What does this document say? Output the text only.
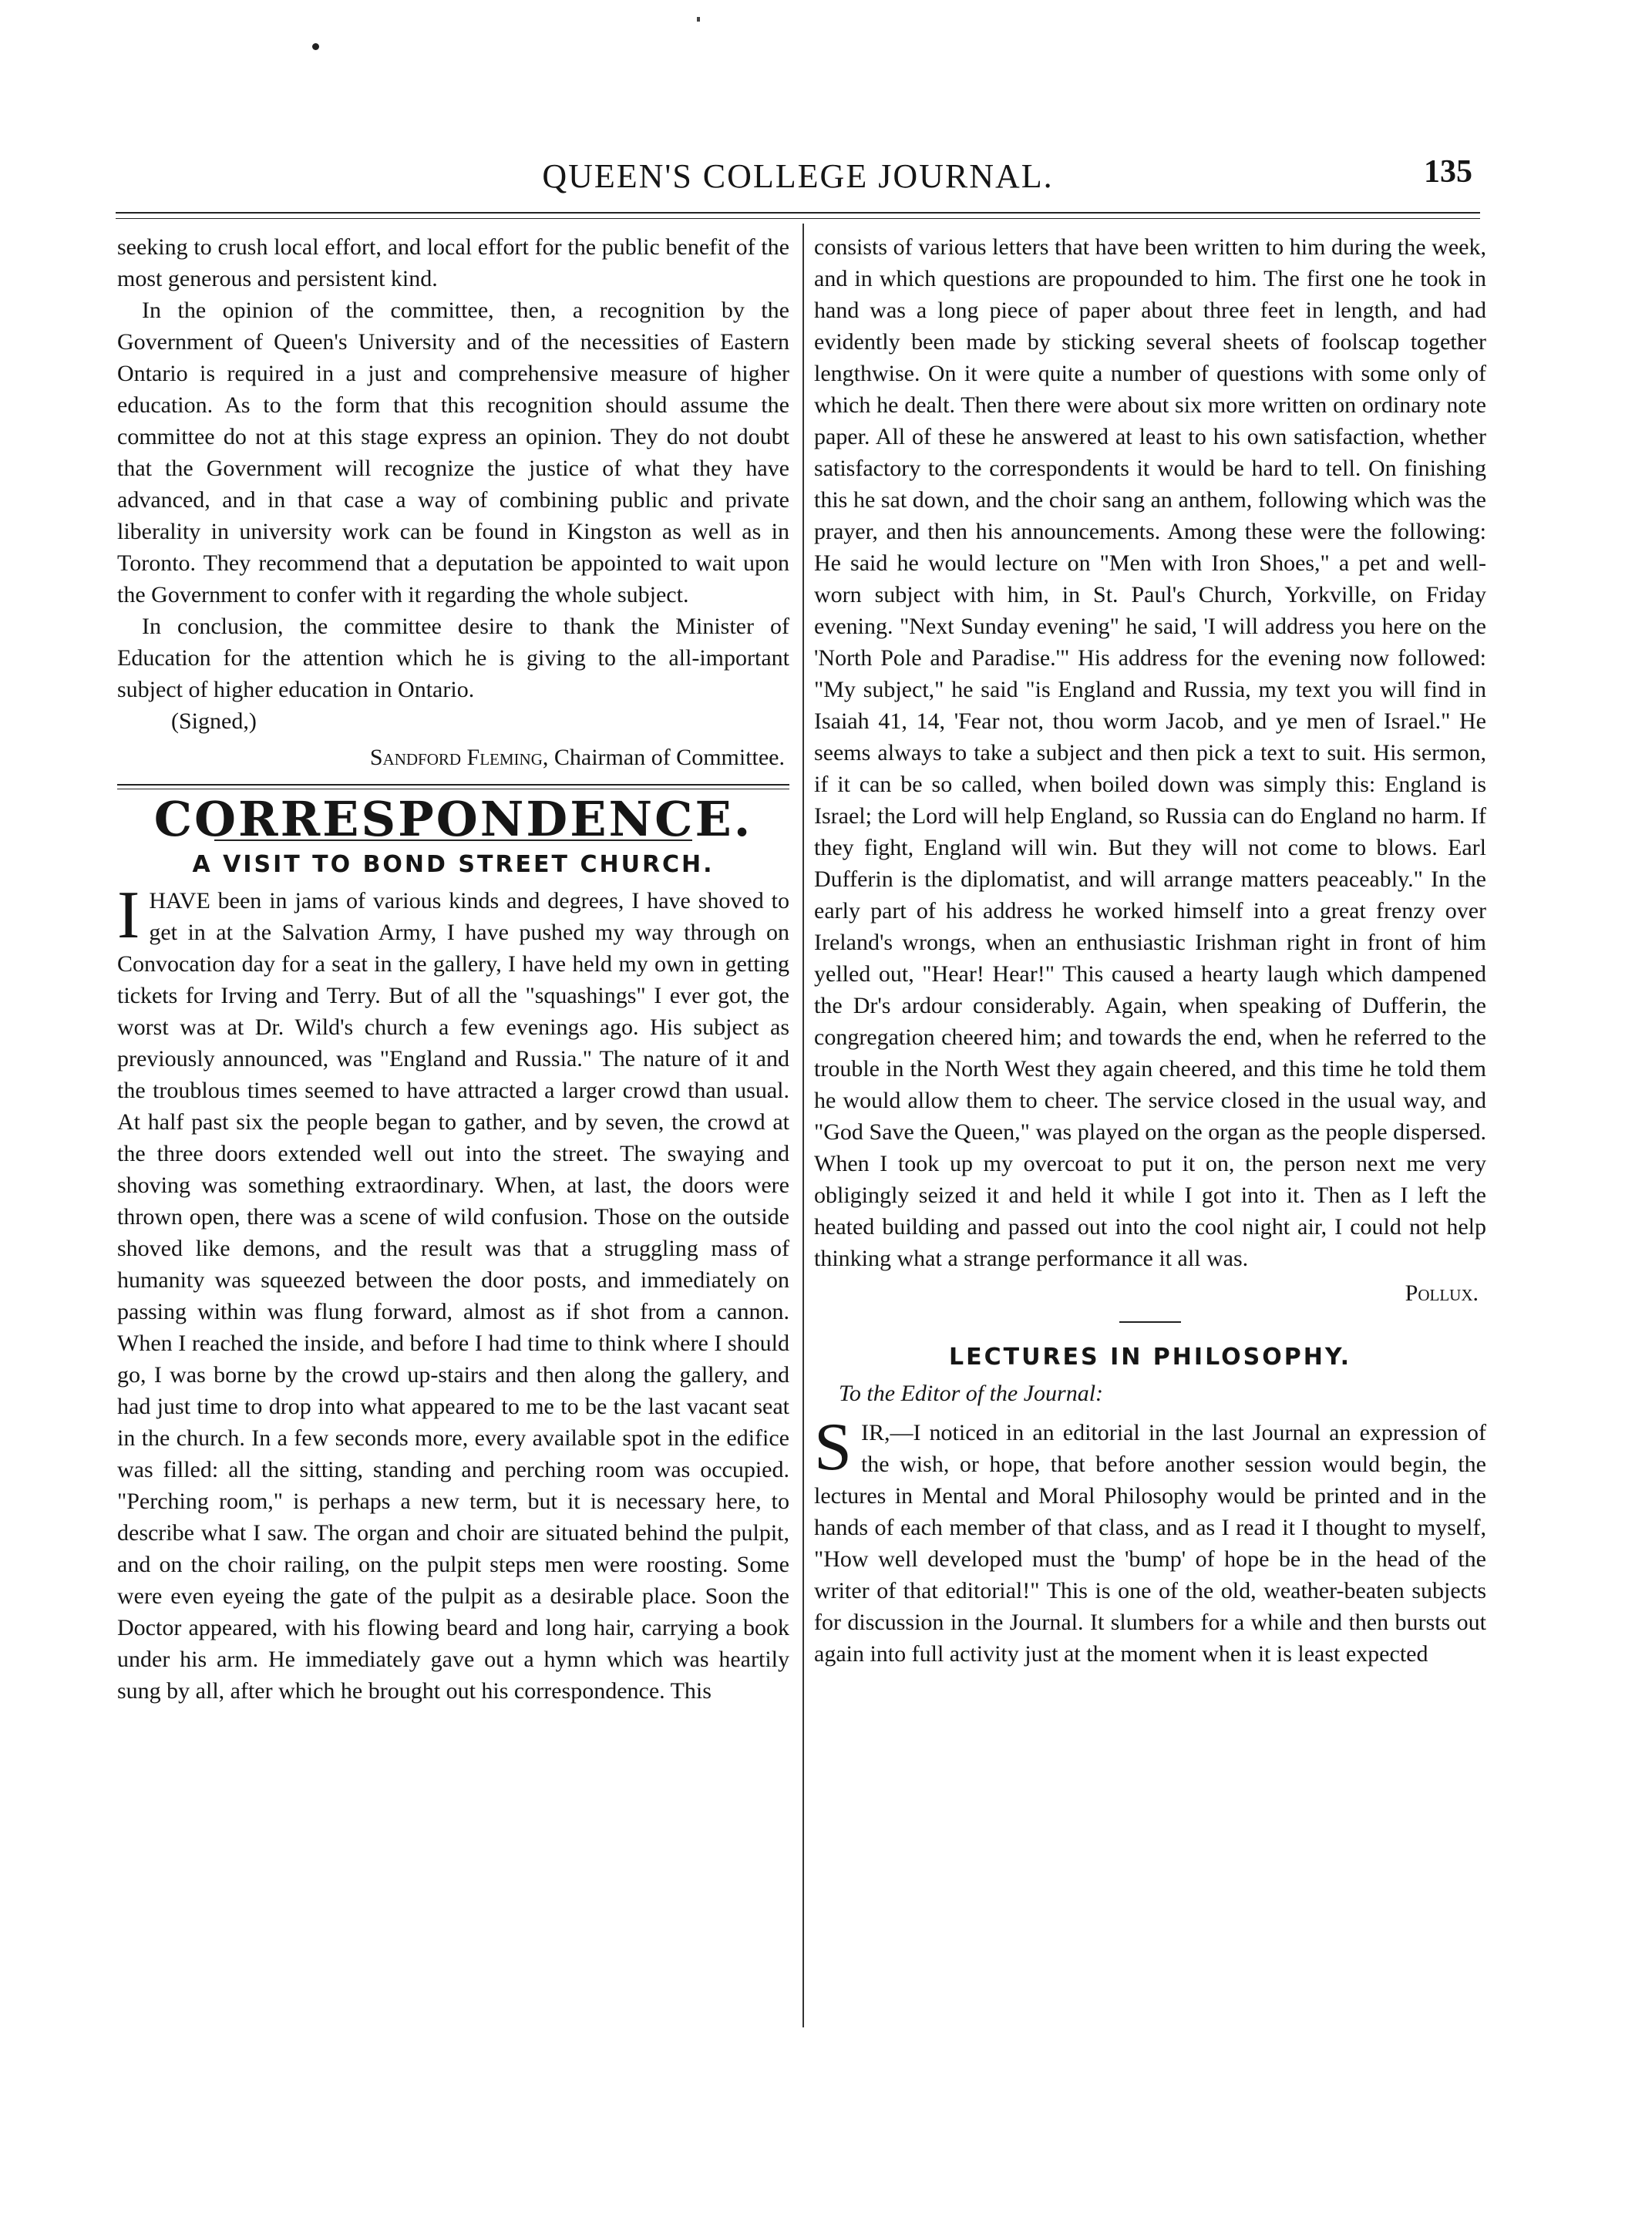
QUEEN'S COLLEGE JOURNAL.	135

seeking to crush local effort, and local effort for the public benefit of the most generous and persistent kind.

In the opinion of the committee, then, a recognition by the Government of Queen's University and of the necessities of Eastern Ontario is required in a just and comprehensive measure of higher education. As to the form that this recognition should assume the committee do not at this stage express an opinion. They do not doubt that the Government will recognize the justice of what they have advanced, and in that case a way of combining public and private liberality in university work can be found in Kingston as well as in Toronto. They recommend that a deputation be appointed to wait upon the Government to confer with it regarding the whole subject.

In conclusion, the committee desire to thank the Minister of Education for the attention which he is giving to the all-important subject of higher education in Ontario.

(Signed,)

Sandford Fleming, Chairman of Committee.

CORRESPONDENCE.
A VISIT TO BOND STREET CHURCH.

IHAVE been in jams of various kinds and degrees, I have shoved to get in at the Salvation Army, I have pushed my way through on Convocation day for a seat in the gallery, I have held my own in getting tickets for Irving and Terry. But of all the "squashings" I ever got, the worst was at Dr. Wild's church a few evenings ago. His subject as previously announced, was "England and Russia." The nature of it and the troublous times seemed to have attracted a larger crowd than usual. At half past six the people began to gather, and by seven, the crowd at the three doors extended well out into the street. The swaying and shoving was something extraordinary. When, at last, the doors were thrown open, there was a scene of wild confusion. Those on the outside shoved like demons, and the result was that a struggling mass of humanity was squeezed between the door posts, and immediately on passing within was flung forward, almost as if shot from a cannon. When I reached the inside, and before I had time to think where I should go, I was borne by the crowd up-stairs and then along the gallery, and had just time to drop into what appeared to me to be the last vacant seat in the church. In a few seconds more, every available spot in the edifice was filled: all the sitting, standing and perching room was occupied. "Perching room," is perhaps a new term, but it is necessary here, to describe what I saw. The organ and choir are situated behind the pulpit, and on the choir railing, on the pulpit steps men were roosting. Some were even eyeing the gate of the pulpit as a desirable place. Soon the Doctor appeared, with his flowing beard and long hair, carrying a book under his arm. He immediately gave out a hymn which was heartily sung by all, after which he brought out his correspondence. This

consists of various letters that have been written to him during the week, and in which questions are propounded to him. The first one he took in hand was a long piece of paper about three feet in length, and had evidently been made by sticking several sheets of foolscap together lengthwise. On it were quite a number of questions with some only of which he dealt. Then there were about six more written on ordinary note paper. All of these he answered at least to his own satisfaction, whether satisfactory to the correspondents it would be hard to tell. On finishing this he sat down, and the choir sang an anthem, following which was the prayer, and then his announcements. Among these were the following: He said he would lecture on "Men with Iron Shoes," a pet and well-worn subject with him, in St. Paul's Church, Yorkville, on Friday evening. "Next Sunday evening" he said, 'I will address you here on the 'North Pole and Paradise.'" His address for the evening now followed: "My subject," he said "is England and Russia, my text you will find in Isaiah 41, 14, 'Fear not, thou worm Jacob, and ye men of Israel." He seems always to take a subject and then pick a text to suit. His sermon, if it can be so called, when boiled down was simply this: England is Israel; the Lord will help England, so Russia can do England no harm. If they fight, England will win. But they will not come to blows. Earl Dufferin is the diplomatist, and will arrange matters peaceably." In the early part of his address he worked himself into a great frenzy over Ireland's wrongs, when an enthusiastic Irishman right in front of him yelled out, "Hear! Hear!" This caused a hearty laugh which dampened the Dr's ardour considerably. Again, when speaking of Dufferin, the congregation cheered him; and towards the end, when he referred to the trouble in the North West they again cheered, and this time he told them he would allow them to cheer. The service closed in the usual way, and "God Save the Queen," was played on the organ as the people dispersed. When I took up my overcoat to put it on, the person next me very obligingly seized it and held it while I got into it. Then as I left the heated building and passed out into the cool night air, I could not help thinking what a strange performance it all was.

Pollux.

LECTURES IN PHILOSOPHY.

To the Editor of the Journal:

SIR,—I noticed in an editorial in the last Journal an expression of the wish, or hope, that before another session would begin, the lectures in Mental and Moral Philosophy would be printed and in the hands of each member of that class, and as I read it I thought to myself, "How well developed must the 'bump' of hope be in the head of the writer of that editorial!" This is one of the old, weather-beaten subjects for discussion in the Journal. It slumbers for a while and then bursts out again into full activity just at the moment when it is least expected
